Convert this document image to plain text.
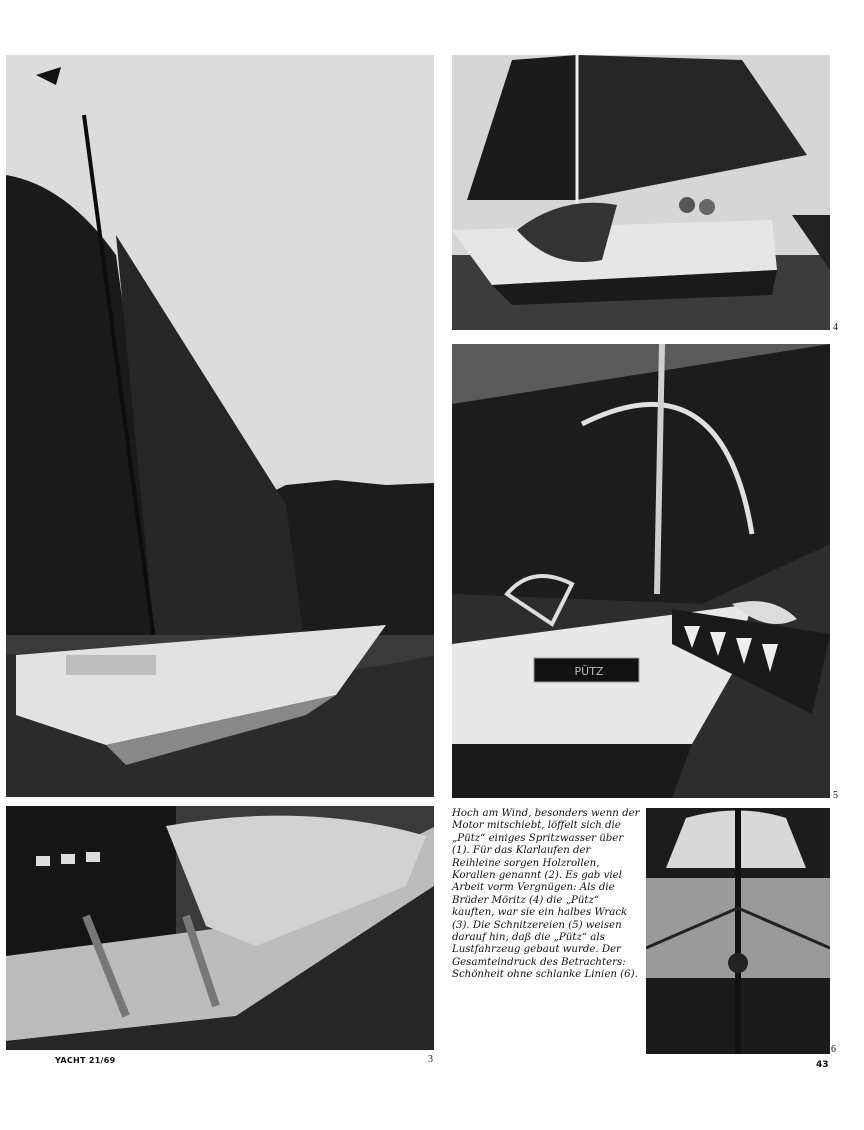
4
5
PÜTZ
3

Hoch am Wind, besonders wenn der Motor mitschiebt, löffelt sich die „Pütz“ einiges Spritzwasser über (1). Für das Klarlaufen der Reihleine sorgen Holzrollen, Korallen genannt (2). Es gab viel Arbeit vorm Vergnügen: Als die Brüder Möritz (4) die „Pütz“ kauften, war sie ein halbes Wrack (3). Die Schnitzereien (5) weisen darauf hin, daß die „Pütz“ als Lustfahrzeug gebaut wurde. Der Gesamteindruck des Betrachters: Schönheit ohne schlanke Linien (6).

6
YACHT 21/69	43
